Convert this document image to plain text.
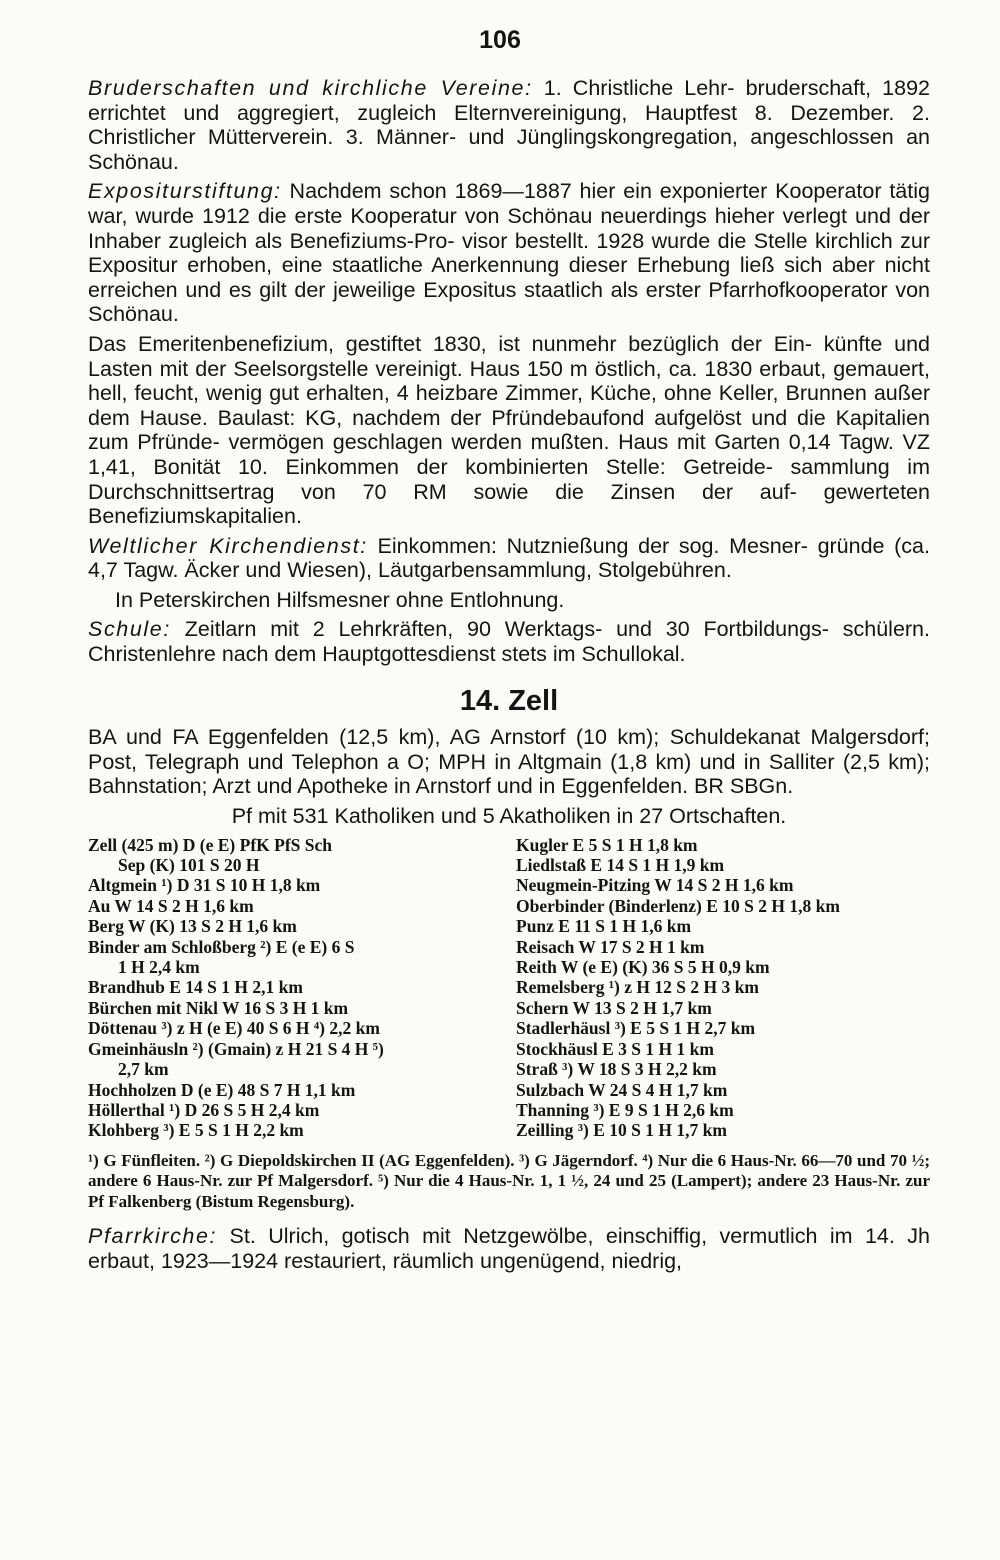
106

Bruderschaften und kirchliche Vereine: 1. Christliche Lehr- bruderschaft, 1892 errichtet und aggregiert, zugleich Elternvereinigung, Hauptfest 8. Dezember. 2. Christlicher Mütterverein. 3. Männer- und Jünglingskongregation, angeschlossen an Schönau.

Expositurstiftung: Nachdem schon 1869—1887 hier ein exponierter Kooperator tätig war, wurde 1912 die erste Kooperatur von Schönau neuerdings hieher verlegt und der Inhaber zugleich als Benefiziums-Pro- visor bestellt. 1928 wurde die Stelle kirchlich zur Expositur erhoben, eine staatliche Anerkennung dieser Erhebung ließ sich aber nicht erreichen und es gilt der jeweilige Expositus staatlich als erster Pfarrhofkooperator von Schönau.

Das Emeritenbenefizium, gestiftet 1830, ist nunmehr bezüglich der Ein- künfte und Lasten mit der Seelsorgstelle vereinigt. Haus 150 m östlich, ca. 1830 erbaut, gemauert, hell, feucht, wenig gut erhalten, 4 heizbare Zimmer, Küche, ohne Keller, Brunnen außer dem Hause. Baulast: KG, nachdem der Pfründebaufond aufgelöst und die Kapitalien zum Pfründe- vermögen geschlagen werden mußten. Haus mit Garten 0,14 Tagw. VZ 1,41, Bonität 10. Einkommen der kombinierten Stelle: Getreide- sammlung im Durchschnittsertrag von 70 RM sowie die Zinsen der auf- gewerteten Benefiziumskapitalien.

Weltlicher Kirchendienst: Einkommen: Nutznießung der sog. Mesner- gründe (ca. 4,7 Tagw. Äcker und Wiesen), Läutgarbensammlung, Stolgebühren.

In Peterskirchen Hilfsmesner ohne Entlohnung.

Schule: Zeitlarn mit 2 Lehrkräften, 90 Werktags- und 30 Fortbildungs- schülern. Christenlehre nach dem Hauptgottesdienst stets im Schullokal.

14. Zell

BA und FA Eggenfelden (12,5 km), AG Arnstorf (10 km); Schuldekanat Malgersdorf; Post, Telegraph und Telephon a O; MPH in Altgmain (1,8 km) und in Salliter (2,5 km); Bahnstation; Arzt und Apotheke in Arnstorf und in Eggenfelden. BR SBGn.

Pf mit 531 Katholiken und 5 Akatholiken in 27 Ortschaften.

Zell (425 m) D (e E) PfK PfS Sch
Sep (K) 101 S 20 H
Altgmein ¹) D 31 S 10 H 1,8 km
Au W 14 S 2 H 1,6 km
Berg W (K) 13 S 2 H 1,6 km
Binder am Schloßberg ²) E (e E) 6 S
1 H 2,4 km
Brandhub E 14 S 1 H 2,1 km
Bürchen mit Nikl W 16 S 3 H 1 km
Döttenau ³) z H (e E) 40 S 6 H ⁴) 2,2 km
Gmeinhäusln ²) (Gmain) z H 21 S 4 H ⁵)
2,7 km
Hochholzen D (e E) 48 S 7 H 1,1 km
Höllerthal ¹) D 26 S 5 H 2,4 km
Klohberg ³) E 5 S 1 H 2,2 km
Kugler E 5 S 1 H 1,8 km
Liedlstaß E 14 S 1 H 1,9 km
Neugmein-Pitzing W 14 S 2 H 1,6 km
Oberbinder (Binderlenz) E 10 S 2 H 1,8 km
Punz E 11 S 1 H 1,6 km
Reisach W 17 S 2 H 1 km
Reith W (e E) (K) 36 S 5 H 0,9 km
Remelsberg ¹) z H 12 S 2 H 3 km
Schern W 13 S 2 H 1,7 km
Stadlerhäusl ³) E 5 S 1 H 2,7 km
Stockhäusl E 3 S 1 H 1 km
Straß ³) W 18 S 3 H 2,2 km
Sulzbach W 24 S 4 H 1,7 km
Thanning ³) E 9 S 1 H 2,6 km
Zeilling ³) E 10 S 1 H 1,7 km
¹) G Fünfleiten. ²) G Diepoldskirchen II (AG Eggenfelden). ³) G Jägerndorf. ⁴) Nur die 6 Haus-Nr. 66—70 und 70 ½; andere 6 Haus-Nr. zur Pf Malgersdorf. ⁵) Nur die 4 Haus-Nr. 1, 1 ½, 24 und 25 (Lampert); andere 23 Haus-Nr. zur Pf Falkenberg (Bistum Regensburg).

Pfarrkirche: St. Ulrich, gotisch mit Netzgewölbe, einschiffig, vermutlich im 14. Jh erbaut, 1923—1924 restauriert, räumlich ungenügend, niedrig,
